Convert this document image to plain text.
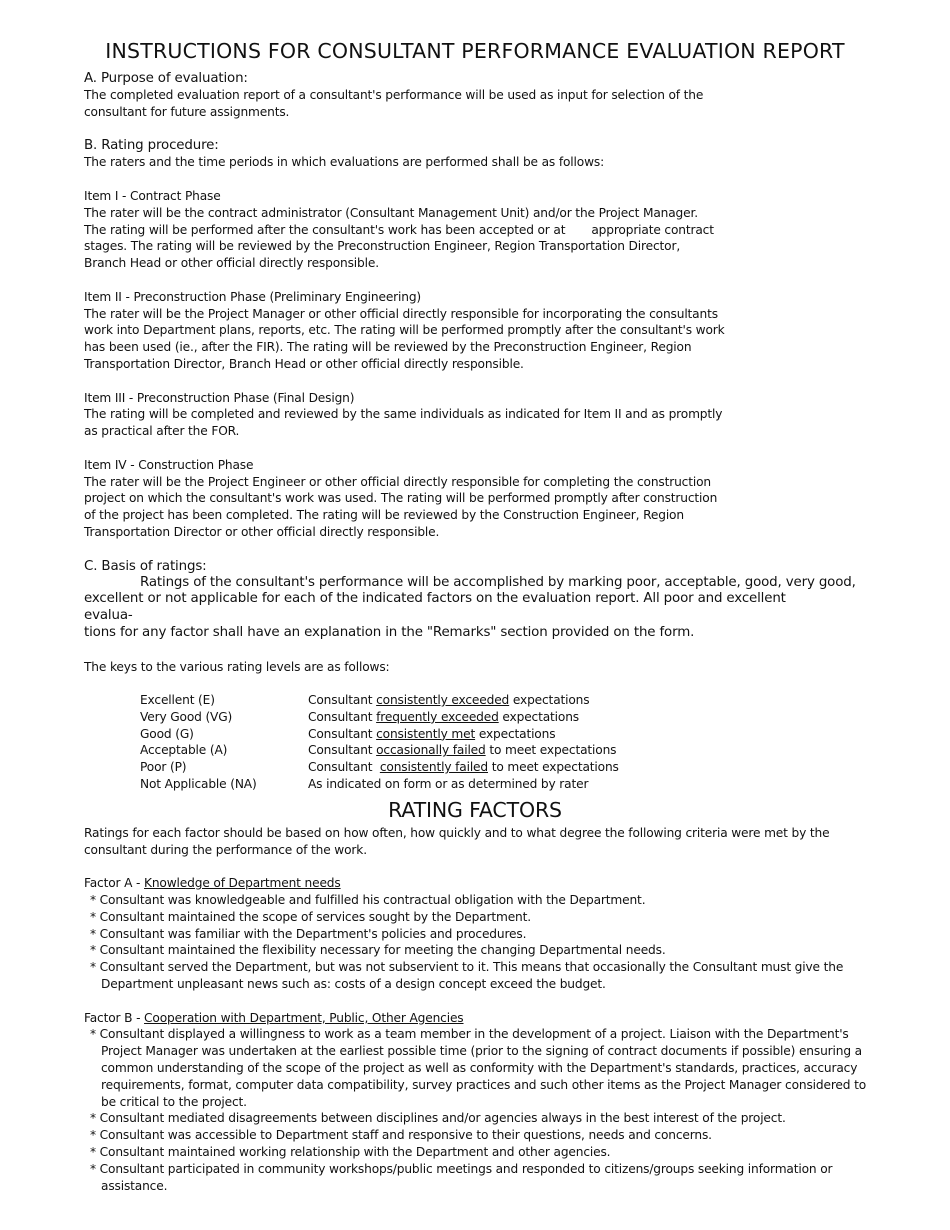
INSTRUCTIONS FOR CONSULTANT PERFORMANCE EVALUATION REPORT

A. Purpose of evaluation:

The completed evaluation report of a consultant's performance will be used as input for selection of the

consultant for future assignments.

B. Rating procedure:

The raters and the time periods in which evaluations are performed shall be as follows:

Item I - Contract Phase

The rater will be the contract administrator (Consultant Management Unit) and/or the Project Manager.

The rating will be performed after the consultant's work has been accepted or at appropriate contract

stages. The rating will be reviewed by the Preconstruction Engineer, Region Transportation Director,

Branch Head or other official directly responsible.

Item II - Preconstruction Phase (Preliminary Engineering)

The rater will be the Project Manager or other official directly responsible for incorporating the consultants

work into Department plans, reports, etc. The rating will be performed promptly after the consultant's work

has been used (ie., after the FIR). The rating will be reviewed by the Preconstruction Engineer, Region

Transportation Director, Branch Head or other official directly responsible.

Item III - Preconstruction Phase (Final Design)

The rating will be completed and reviewed by the same individuals as indicated for Item II and as promptly

as practical after the FOR.

Item IV - Construction Phase

The rater will be the Project Engineer or other official directly responsible for completing the construction

project on which the consultant's work was used. The rating will be performed promptly after construction

of the project has been completed. The rating will be reviewed by the Construction Engineer, Region

Transportation Director or other official directly responsible.

C. Basis of ratings:

Ratings of the consultant's performance will be accomplished by marking poor, acceptable, good, very good,

excellent or not applicable for each of the indicated factors on the evaluation report. All poor and excellentevalua-

tions for any factor shall have an explanation in the "Remarks" section provided on the form.

The keys to the various rating levels are as follows:

Excellent (E)	Consultant consistently exceeded expectations
Very Good (VG)	Consultant frequently exceeded expectations
Good (G)	Consultant consistently met expectations
Acceptable (A)	Consultant occasionally failed to meet expectations
Poor (P)	Consultant  consistently failed to meet expectations
Not Applicable (NA)	As indicated on form or as determined by rater
RATING FACTORS

Ratings for each factor should be based on how often, how quickly and to what degree the following criteria were met by the

consultant during the performance of the work.

Factor A - Knowledge of Department needs

* Consultant was knowledgeable and fulfilled his contractual obligation with the Department.

* Consultant maintained the scope of services sought by the Department.

* Consultant was familiar with the Department's policies and procedures.

* Consultant maintained the flexibility necessary for meeting the changing Departmental needs.

* Consultant served the Department, but was not subservient to it. This means that occasionally the Consultant must give the Department unpleasant news such as: costs of a design concept exceed the budget.

Factor B - Cooperation with Department, Public, Other Agencies

* Consultant displayed a willingness to work as a team member in the development of a project. Liaison with the Department's Project Manager was undertaken at the earliest possible time (prior to the signing of contract documents if possible) ensuring a common understanding of the scope of the project as well as conformity with the Department's standards, practices, accuracy requirements, format, computer data compatibility, survey practices and such other items as the Project Manager considered to be critical to the project.

* Consultant mediated disagreements between disciplines and/or agencies always in the best interest of the project.

* Consultant was accessible to Department staff and responsive to their questions, needs and concerns.

* Consultant maintained working relationship with the Department and other agencies.

* Consultant participated in community workshops/public meetings and responded to citizens/groups seeking information or assistance.
